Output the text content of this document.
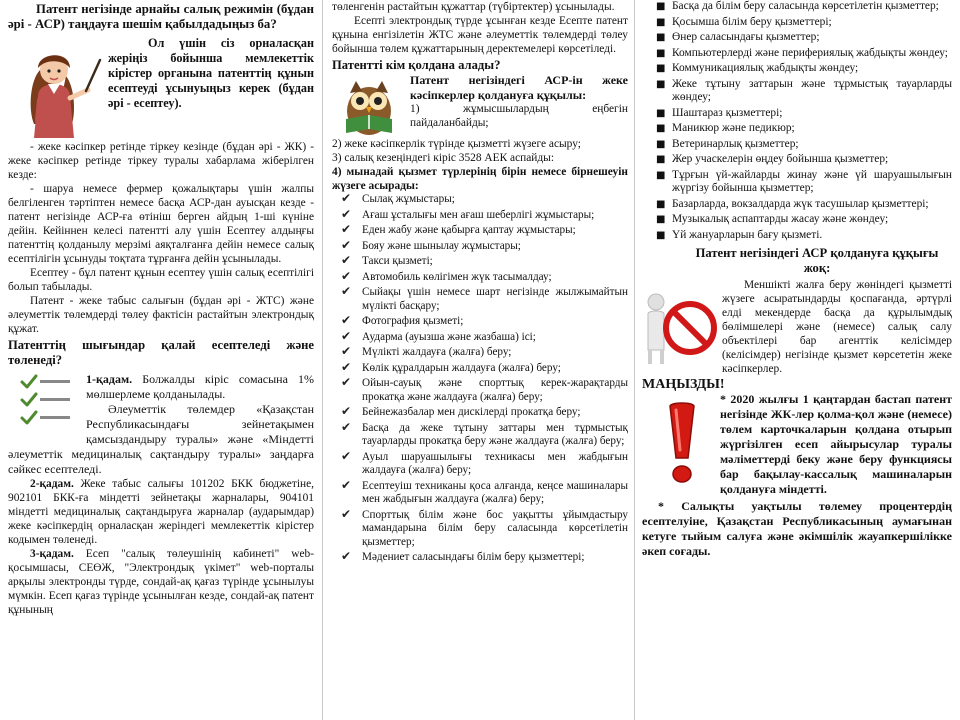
Патент негізінде арнайы салық режимін (бұдан әрі - АСР) таңдауға шешім қабылдадыңыз ба?

Ол үшін сіз орналасқан жеріңіз бойынша мемлекеттік кірістер органына патенттің құнын есептеуді ұсынуыңыз керек (бұдан әрі - есептеу).

- жеке кәсіпкер ретінде тіркеу кезінде (бұдан әрі - ЖК) - жеке кәсіпкер ретінде тіркеу туралы хабарлама жіберілген кезде:

- шаруа немесе фермер қожалықтары үшін жалпы белгіленген тәртіптен немесе басқа АСР-дан ауысқан кезде - патент негізінде АСР-ға өтініш берген айдың 1-ші күніне дейін. Кейіннен келесі патентті алу үшін Есептеу алдыңғы патенттің қолданылу мерзімі аяқталғанға дейін немесе салық есептілігін ұсынуды тоқтата тұрғанға дейін ұсынылады.

Есептеу - бұл патент құнын есептеу үшін салық есептілігі болып табылады.

Патент - жеке табыс салығын (бұдан әрі - ЖТС) және әлеуметтік төлемдерді төлеу фактісін растайтын электрондық құжат.

Патенттің шығындар қалай есептеледі және төленеді?

1-қадам. Болжалды кіріс сомасына 1% мөлшерлеме қолданылады.

Әлеуметтік төлемдер «Қазақстан Республикасындағы зейнетақымен қамсыздандыру туралы» және «Міндетті әлеуметтік медициналық сақтандыру туралы» заңдарға сәйкес есептеледі.

2-қадам. Жеке табыс салығы 101202 БКК бюджетіне, 902101 БКК-ға міндетті зейнетақы жарналары, 904101 міндетті медициналық сақтандыруға жарналар (аударымдар) жеке кәсіпкердің орналасқан жеріндегі мемлекеттік кірістер кодымен төленеді.

3-қадам. Есеп "салық төлеушінің кабинеті" web-қосымшасы, СЕӨЖ, "Электрондық үкімет" web-порталы арқылы электронды түрде, сондай-ақ қағаз түрінде ұсынылуы мүмкін. Есеп қағаз түрінде ұсынылған кезде, сондай-ақ патент құнының

төленгенін растайтын құжаттар (түбіртектер) ұсынылады.

Есепті электрондық түрде ұсынған кезде Есепте патент құнына енгізілетін ЖТС және әлеуметтік төлемдерді төлеу бойынша төлем құжаттарының деректемелері көрсетіледі.

Патентті кім қолдана алады?

Патент негізіндегі АСР-ін жеке кәсіпкерлер қолдануға құқылы:

1) жұмысшылардың еңбегін пайдаланбайды;

2) жеке кәсіпкерлік түрінде қызметті жүзеге асыру;

3) салық кезеңіндегі кіріс 3528 АЕК аспайды:

4) мынадай қызмет түрлерінің бірін немесе бірнешеуін жүзеге асырады:

✔ Сылақ жұмыстары;
✔ Ағаш ұсталығы мен ағаш шеберлігі жұмыстары;
✔ Еден жабу және қабырға қаптау жұмыстары;
✔ Бояу және шынылау жұмыстары;
✔ Такси қызметі;
✔ Автомобиль көлігімен жүк тасымалдау;
✔ Сыйақы үшін немесе шарт негізінде жылжымайтын мүлікті басқару;
✔ Фотография қызметі;
✔ Аударма (ауызша және жазбаша) ісі;
✔ Мүлікті жалдауға (жалға) беру;
✔ Көлік құралдарын жалдауға (жалға) беру;
✔ Ойын-сауық және спорттық керек-жарақтарды прокатқа және жалдауға (жалға) беру;
✔ Бейнежазбалар мен дискілерді прокатқа беру;
✔ Басқа да жеке тұтыну заттары мен тұрмыстық тауарларды прокатқа беру және жалдауға (жалға) беру;
✔ Ауыл шаруашылығы техникасы мен жабдығын жалдауға (жалға) беру;
✔ Есептеуіш техниканы қоса алғанда, кеңсе машиналары мен жабдығын жалдауға (жалға) беру;
✔ Спорттық білім және бос уақытты ұйымдастыру мамандарына білім беру саласында көрсетілетін қызметтер;
✔ Мәдениет саласындағы білім беру қызметтері;
■ Басқа да білім беру саласында көрсетілетін қызметтер;
■ Қосымша білім беру қызметтері;
■ Өнер саласындағы қызметтер;
■ Компьютерлерді және перифериялық жабдықты жөндеу;
■ Коммуникациялық жабдықты жөндеу;
■ Жеке тұтыну заттарын және тұрмыстық тауарларды жөндеу;
■ Шаштараз қызметтері;
■ Маникюр және педикюр;
■ Ветеринарлық қызметтер;
■ Жер учаскелерін өңдеу бойынша қызметтер;
■ Тұрғын үй-жайларды жинау және үй шаруашылығын жүргізу бойынша қызметтер;
■ Базарларда, вокзалдарда жүк тасушылар қызметтері;
■ Музыкалық аспаптарды жасау және жөндеу;
■ Үй жануарларын бағу қызметі.

Патент негізіндегі АСР қолдануға құқығы жоқ:

Меншікті жалға беру жөніндегі қызметті жүзеге асыратындарды қоспағанда, әртүрлі елді мекендерде басқа да құрылымдық бөлімшелері және (немесе) салық салу объектілері бар агенттік келісімдер (келісімдер) негізінде қызмет көрсететін жеке кәсіпкерлер.

МАҢЫЗДЫ!

* 2020 жылғы 1 қаңтардан бастап патент негізінде ЖК-лер қолма-қол және (немесе) төлем карточкаларын қолдана отырып жүргізілген есеп айырысулар туралы мәліметтерді беку және беру функциясы бар бақылау-кассалық машиналарын қолдануға міндетті.

* Салықты уақтылы төлемеу процентердің есептелуіне, Қазақстан Республикасының аумағынан кетуге тыйым салуға және әкімшілік жауапкершілікке әкеп соғады.
